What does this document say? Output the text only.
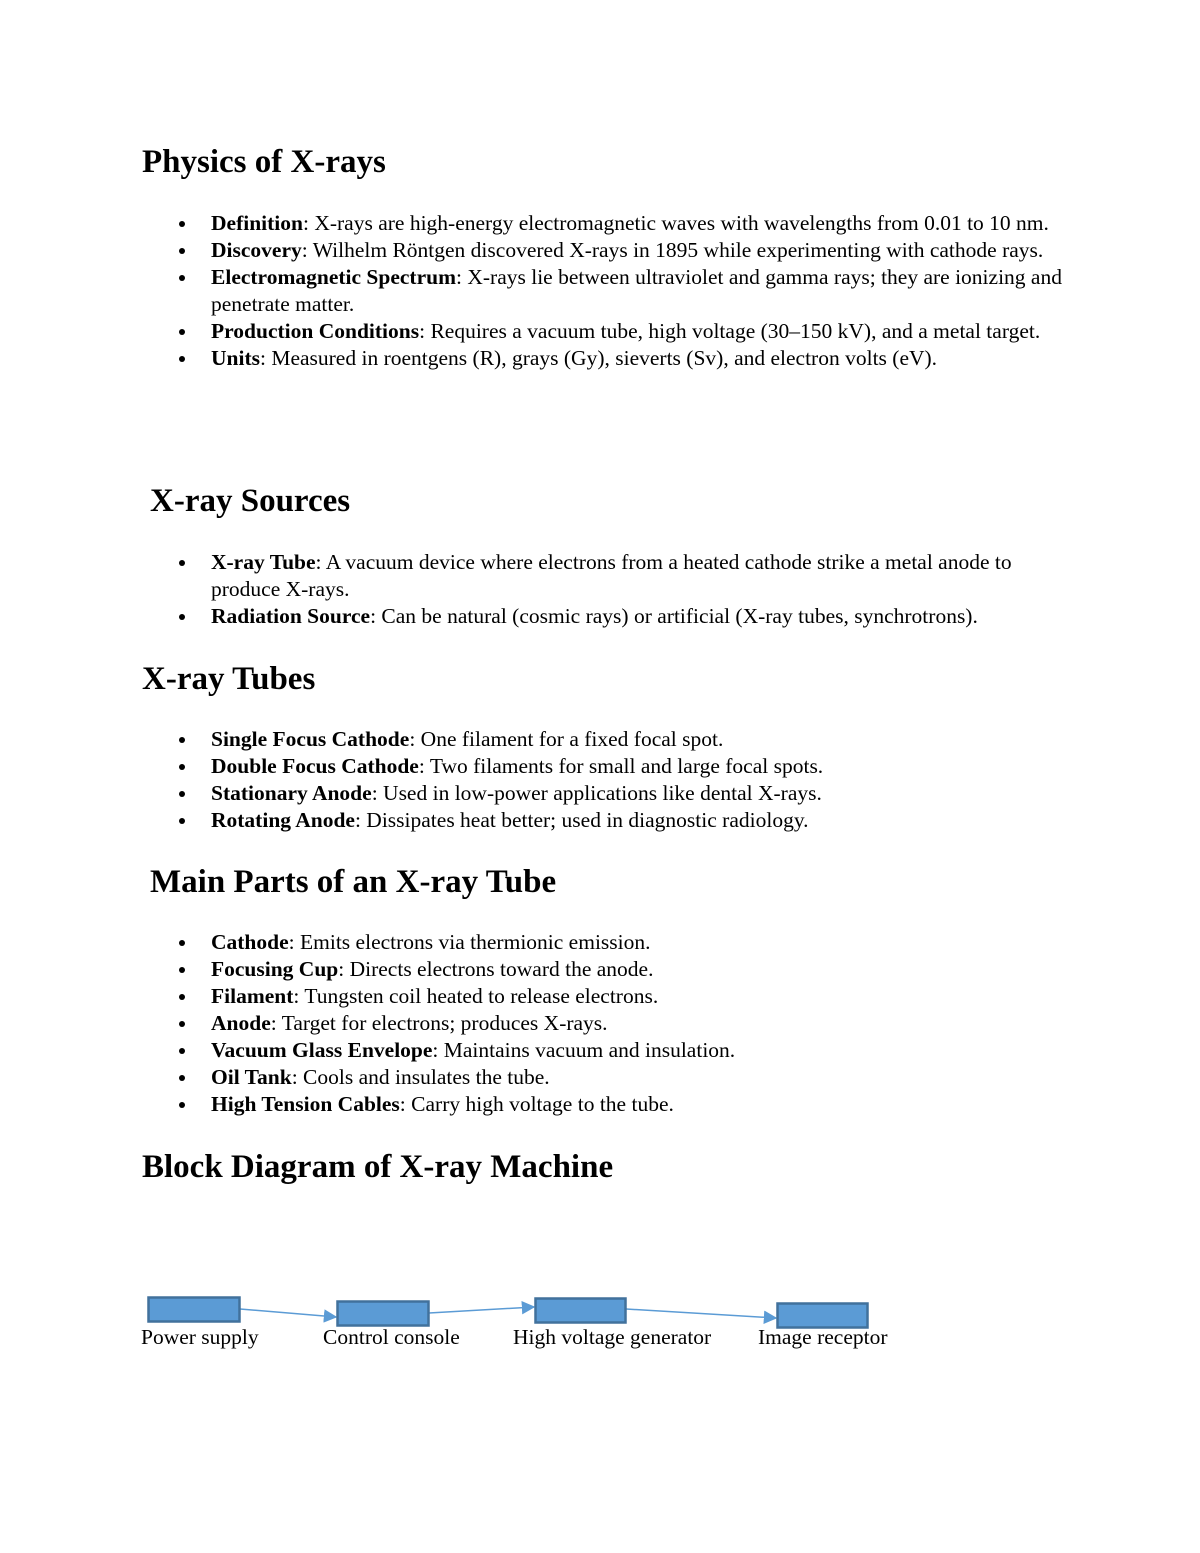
Physics of X-rays
Definition: X-rays are high-energy electromagnetic waves with wavelengths from 0.01 to 10 nm.
Discovery: Wilhelm Röntgen discovered X-rays in 1895 while experimenting with cathode rays.
Electromagnetic Spectrum: X-rays lie between ultraviolet and gamma rays; they are ionizing and penetrate matter.
Production Conditions: Requires a vacuum tube, high voltage (30–150 kV), and a metal target.
Units: Measured in roentgens (R), grays (Gy), sieverts (Sv), and electron volts (eV).
X-ray Sources
X-ray Tube: A vacuum device where electrons from a heated cathode strike a metal anode to produce X-rays.
Radiation Source: Can be natural (cosmic rays) or artificial (X-ray tubes, synchrotrons).
X-ray Tubes
Single Focus Cathode: One filament for a fixed focal spot.
Double Focus Cathode: Two filaments for small and large focal spots.
Stationary Anode: Used in low-power applications like dental X-rays.
Rotating Anode: Dissipates heat better; used in diagnostic radiology.
Main Parts of an X-ray Tube
Cathode: Emits electrons via thermionic emission.
Focusing Cup: Directs electrons toward the anode.
Filament: Tungsten coil heated to release electrons.
Anode: Target for electrons; produces X-rays.
Vacuum Glass Envelope: Maintains vacuum and insulation.
Oil Tank: Cools and insulates the tube.
High Tension Cables: Carry high voltage to the tube.
Block Diagram of X-ray Machine
Power supply	Control console High voltage generator Image receptor
